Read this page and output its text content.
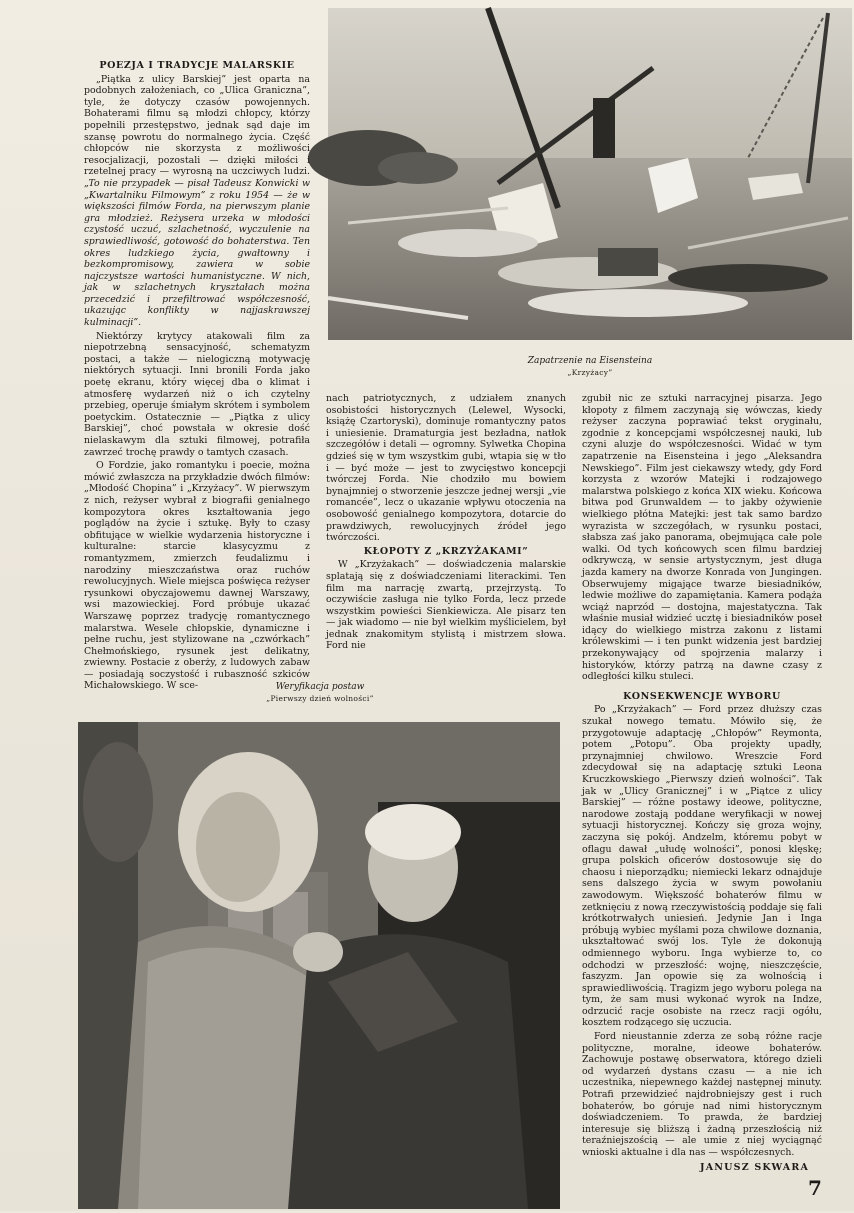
Zapatrzenie na Eisensteina
„Krzyżacy”

POEZJA I TRADYCJE MALARSKIE

„Piątka z ulicy Barskiej” jest oparta na podobnych założeniach, co „Ulica Graniczna”, tyle, że dotyczy czasów powojennych. Bohaterami filmu są młodzi chłopcy, którzy popełnili przestępstwo, jednak sąd daje im szansę powrotu do normalnego życia. Część chłopców nie skorzysta z możliwości resocjalizacji, pozostali — dzięki miłości i rzetelnej pracy — wyrosną na uczciwych ludzi. „To nie przypadek — pisał Tadeusz Konwicki w „Kwartalniku Filmowym” z roku 1954 — że w większości filmów Forda, na pierwszym planie gra młodzież. Reżysera urzeka w młodości czystość uczuć, szlachetność, wyczulenie na sprawiedliwość, gotowość do bohaterstwa. Ten okres ludzkiego życia, gwałtowny i bezkompromisowy, zawiera w sobie najczystsze wartości humanistyczne. W nich, jak w szlachetnych kryształach można przecedzić i przefiltrować współczesność, ukazując konflikty w najjaskrawszej kulminacji”.

Niektórzy krytycy atakowali film za niepotrzebną sensacyjność, schematyzm postaci, a także — nielogiczną motywację niektórych sytuacji. Inni bronili Forda jako poetę ekranu, który więcej dba o klimat i atmosferę wydarzeń niż o ich czytelny przebieg, operuje śmiałym skrótem i symbolem poetyckim. Ostatecznie — „Piątka z ulicy Barskiej”, choć powstała w okresie dość nielaskawym dla sztuki filmowej, potrafiła zawrzeć trochę prawdy o tamtych czasach.

O Fordzie, jako romantyku i poecie, można mówić zwłaszcza na przykładzie dwóch filmów: „Młodość Chopina” i „Krzyżacy”. W pierwszym z nich, reżyser wybrał z biografii genialnego kompozytora okres kształtowania jego poglądów na życie i sztukę. Były to czasy obfitujące w wielkie wydarzenia historyczne i kulturalne: starcie klasycyzmu z romantyzmem, zmierzch feudalizmu i narodziny mieszczaństwa oraz ruchów rewolucyjnych. Wiele miejsca poświęca reżyser rysunkowi obyczajowemu dawnej Warszawy, wsi mazowieckiej. Ford próbuje ukazać Warszawę poprzez tradycję romantycznego malarstwa. Wesele chłopskie, dynamiczne i pełne ruchu, jest stylizowane na „czwórkach” Chełmońskiego, rysunek jest delikatny, zwiewny. Postacie z oberży, z ludowych zabaw — posiadają soczystość i rubaszność szkiców Michałowskiego. W sce-

nach patriotycznych, z udziałem znanych osobistości historycznych (Lelewel, Wysocki, książę Czartoryski), dominuje romantyczny patos i uniesienie. Dramaturgia jest bezładna, natłok szczegółów i detali — ogromny. Sylwetka Chopina gdzieś się w tym wszystkim gubi, wtapia się w tło i — być może — jest to zwycięstwo koncepcji twórczej Forda. Nie chodziło mu bowiem bynajmniej o stworzenie jeszcze jednej wersji „vie romancée”, lecz o ukazanie wpływu otoczenia na osobowość genialnego kompozytora, dotarcie do prawdziwych, rewolucyjnych źródeł jego twórczości.

KŁOPOTY Z „KRZYŻAKAMI”

W „Krzyżakach” — doświadczenia malarskie splatają się z doświadczeniami literackimi. Ten film ma narrację zwartą, przejrzystą. To oczywiście zasługa nie tylko Forda, lecz przede wszystkim powieści Sienkiewicza. Ale pisarz ten — jak wiadomo — nie był wielkim myślicielem, był jednak znakomitym stylistą i mistrzem słowa. Ford nie

zgubił nic ze sztuki narracyjnej pisarza. Jego kłopoty z filmem zaczynają się wówczas, kiedy reżyser zaczyna poprawiać tekst oryginału, zgodnie z koncepcjami współczesnej nauki, lub czyni aluzje do współczesności. Widać w tym zapatrzenie na Eisensteina i jego „Aleksandra Newskiego”. Film jest ciekawszy wtedy, gdy Ford korzysta z wzorów Matejki i rodzajowego malarstwa polskiego z końca XIX wieku. Końcowa bitwa pod Grunwaldem — to jakby ożywienie wielkiego płótna Matejki: jest tak samo bardzo wyrazista w szczegółach, w rysunku postaci, słabsza zaś jako panorama, obejmująca całe pole walki. Od tych końcowych scen filmu bardziej odkrywczą, w sensie artystycznym, jest długa jazda kamery na dworze Konrada von Jungingen. Obserwujemy migające twarze biesiadników, ledwie możliwe do zapamiętania. Kamera podąża wciąż naprzód — dostojna, majestatyczna. Tak właśnie musiał widzieć ucztę i biesiadników poseł idący do wielkiego mistrza zakonu z listami królewskimi — i ten punkt widzenia jest bardziej przekonywający od spojrzenia malarzy i historyków, którzy patrzą na dawne czasy z odległości kilku stuleci.

KONSEKWENCJE WYBORU

Po „Krzyżakach” — Ford przez dłuższy czas szukał nowego tematu. Mówiło się, że przygotowuje adaptację „Chłopów” Reymonta, potem „Potopu”. Oba projekty upadły, przynajmniej chwilowo. Wreszcie Ford zdecydował się na adaptację sztuki Leona Kruczkowskiego „Pierwszy dzień wolności”. Tak jak w „Ulicy Granicznej” i w „Piątce z ulicy Barskiej” — różne postawy ideowe, polityczne, narodowe zostają poddane weryfikacji w nowej sytuacji historycznej. Kończy się groza wojny, zaczyna się pokój. Andzelm, któremu pobyt w oflagu dawał „ułudę wolności”, ponosi klęskę; grupa polskich oficerów dostosowuje się do chaosu i nieporządku; niemiecki lekarz odnajduje sens dalszego życia w swym powołaniu zawodowym. Większość bohaterów filmu w zetknięciu z nową rzeczywistością poddaje się fali krótkotrwałych uniesień. Jedynie Jan i Inga próbują wybiec myślami poza chwilowe doznania, ukształtować swój los. Tyle że dokonują odmiennego wyboru. Inga wybierze to, co odchodzi w przeszłość: wojnę, nieszczęście, faszyzm. Jan opowie się za wolnością i sprawiedliwością. Tragizm jego wyboru polega na tym, że sam musi wykonać wyrok na Indze, odrzucić racje osobiste na rzecz racji ogółu, kosztem rodzącego się uczucia.

Ford nieustannie zderza ze sobą różne racje polityczne, moralne, ideowe bohaterów. Zachowuje postawę obserwatora, którego dzieli od wydarzeń dystans czasu — a nie ich uczestnika, niepewnego każdej następnej minuty. Potrafi przewidzieć najdrobniejszy gest i ruch bohaterów, bo góruje nad nimi historycznym doświadczeniem. To prawda, że bardziej interesuje się bliższą i żadną przeszłością niż teraźniejszością — ale umie z niej wyciągnąć wnioski aktualne i dla nas — współczesnych.

Weryfikacja postaw
„Pierwszy dzień wolności”
JANUSZ SKWARA
7
